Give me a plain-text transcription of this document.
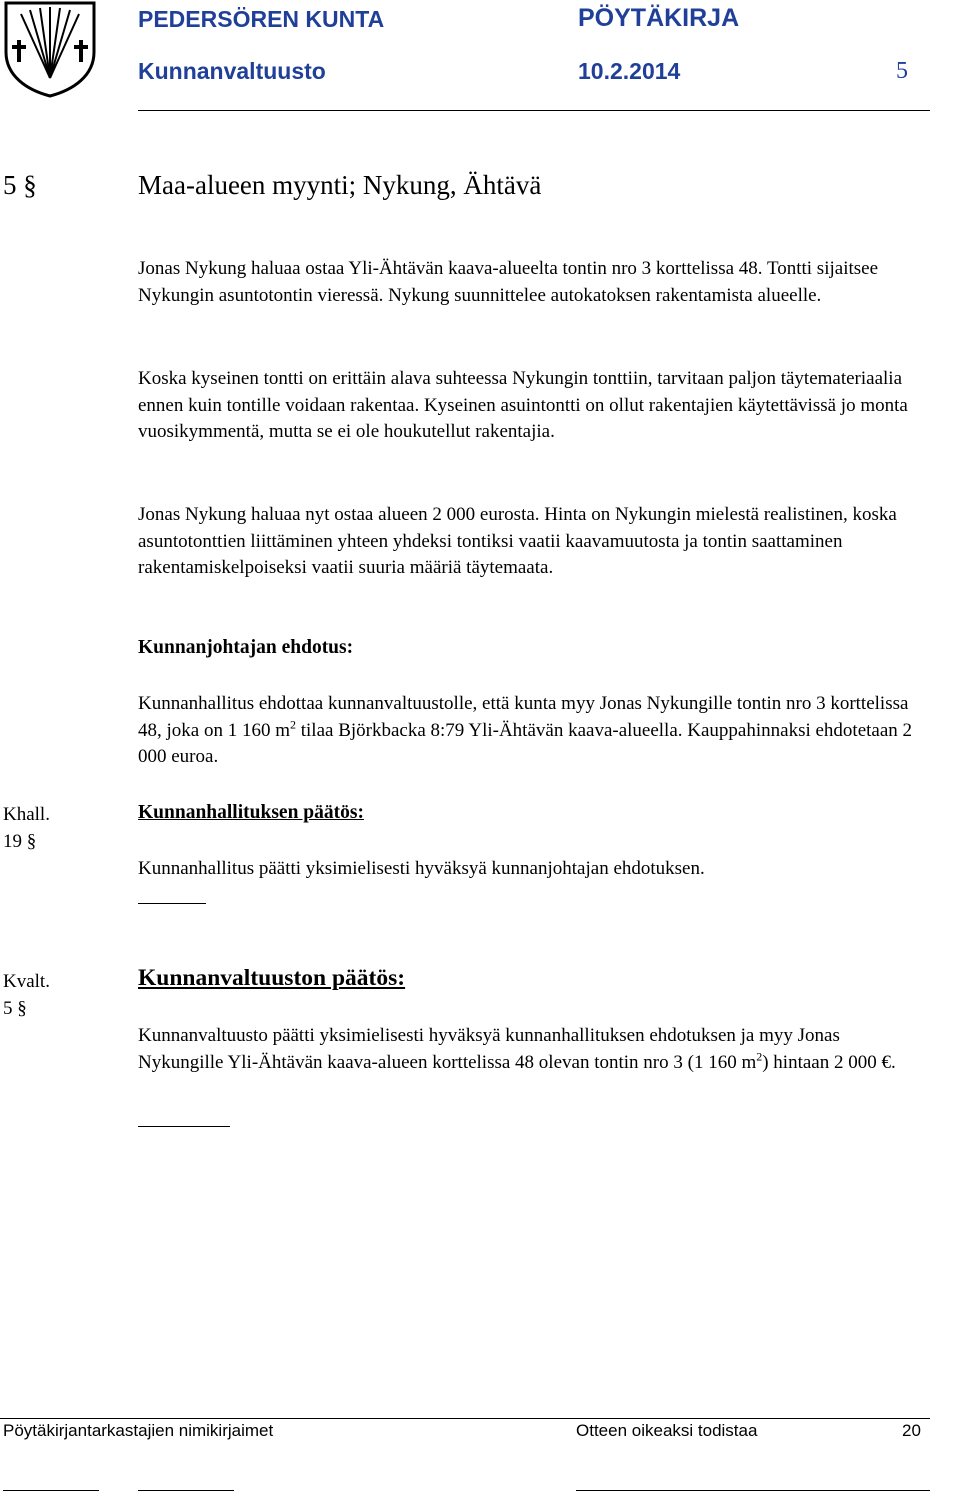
PEDERSÖREN KUNTA	PÖYTÄKIRJA
Kunnanvaltuusto	10.2.2014	5
5 §	Maa-alueen myynti; Nykung, Ähtävä

Jonas Nykung haluaa ostaa Yli-Ähtävän kaava-alueelta tontin nro 3 korttelissa 48. Tontti sijaitsee Nykungin asuntotontin vieressä. Nykung suunnittelee autokatoksen rakentamista alueelle.

Koska kyseinen tontti on erittäin alava suhteessa Nykungin tonttiin, tarvitaan paljon täytemateriaalia ennen kuin tontille voidaan rakentaa. Kyseinen asuintontti on ollut rakentajien käytettävissä jo monta vuosikymmentä, mutta se ei ole houkutellut rakentajia.

Jonas Nykung haluaa nyt ostaa alueen 2 000 eurosta. Hinta on Nykungin mielestä realistinen, koska asuntotonttien liittäminen yhteen yhdeksi tontiksi vaatii kaavamuutosta ja tontin saattaminen rakentamiskelpoiseksi vaatii suuria määriä täytemaata.

Kunnanjohtajan ehdotus:

Kunnanhallitus ehdottaa kunnanvaltuustolle, että kunta myy Jonas Nykungille tontin nro 3 korttelissa 48, joka on 1 160 $m^2$ tilaa Björkbacka 8:79 Yli-Ähtävän kaava-alueella. Kauppahinnaksi ehdotetaan 2 000 euroa.

Khall.
19 §
Kunnanhallituksen päätös:

Kunnanhallitus päätti yksimielisesti hyväksyä kunnanjohtajan ehdotuksen.

Kvalt.
5 §
Kunnanvaltuuston päätös:

Kunnanvaltuusto päätti yksimielisesti hyväksyä kunnanhallituksen ehdotuksen ja myy Jonas Nykungille Yli-Ähtävän kaava-alueen korttelissa 48 olevan tontin nro 3 (1 160 $m^2$) hintaan 2 000 €.

Pöytäkirjantarkastajien nimikirjaimet	Otteen oikeaksi todistaa	20
